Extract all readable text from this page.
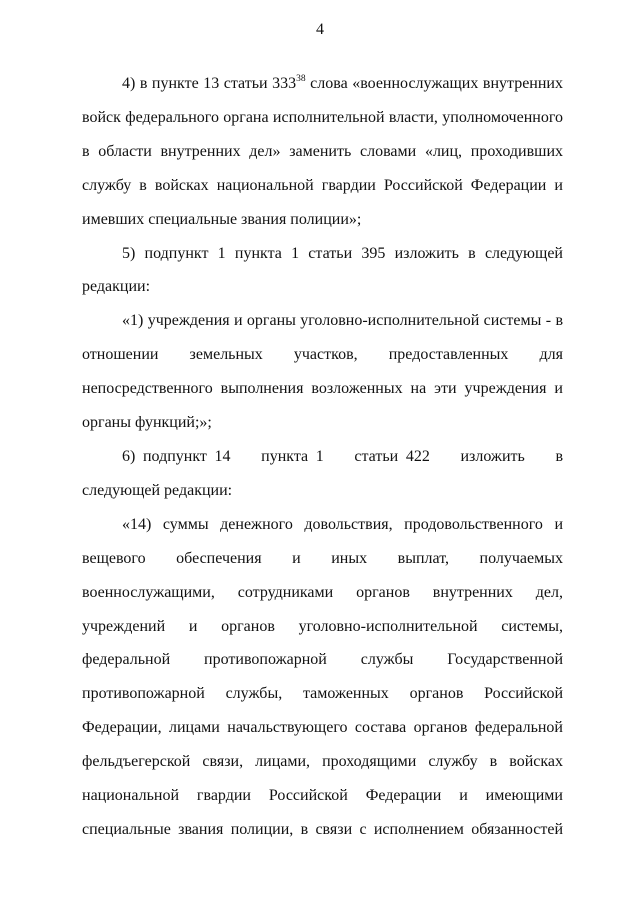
4

4) в пункте 13 статьи $333^{38}$ слова «военнослужащих внутренних войск федерального органа исполнительной власти, уполномоченного в области внутренних дел» заменить словами «лиц, проходивших службу в войсках национальной гвардии Российской Федерации и имевших специальные звания полиции»;

5) подпункт 1 пункта 1 статьи 395 изложить в следующей редакции:

«1) учреждения и органы уголовно-исполнительной системы - в отношении земельных участков, предоставленных для непосредственного выполнения возложенных на эти учреждения и органы функций;»;

6) подпункт 14    пункта 1    статьи 422    изложить    в    следующей редакции:

«14) суммы денежного довольствия, продовольственного и вещевого обеспечения и иных выплат, получаемых военнослужащими, сотрудниками органов внутренних дел, учреждений и органов уголовно-исполнительной системы, федеральной противопожарной службы Государственной противопожарной службы, таможенных органов Российской Федерации, лицами начальствующего состава органов федеральной фельдъегерской связи, лицами, проходящими службу в войсках национальной гвардии Российской Федерации и имеющими специальные звания полиции, в связи с исполнением обязанностей
